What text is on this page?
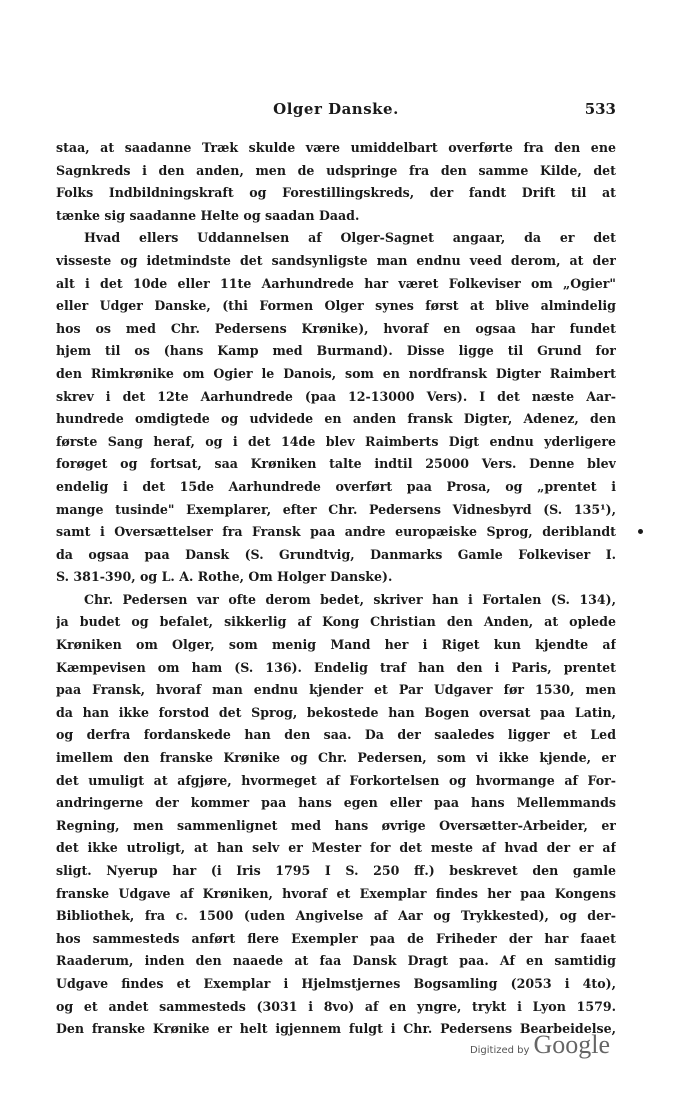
Olger Danske.	533
staa, at saadanne Træk skulde være umiddelbart overførte fra den ene
Sagnkreds i den anden, men de udspringe fra den samme Kilde, det
Folks Indbildningskraft og Forestillingskreds, der fandt Drift til at
tænke sig saadanne Helte og saadan Daad.
Hvad ellers Uddannelsen af Olger-Sagnet angaar, da er det
visseste og idetmindste det sandsynligste man endnu veed derom, at der
alt i det 10de eller 11te Aarhundrede har været Folkeviser om „Ogier"
eller Udger Danske, (thi Formen Olger synes først at blive almindelig
hos os med Chr. Pedersens Krønike), hvoraf en ogsaa har fundet
hjem til os (hans Kamp med Burmand). Disse ligge til Grund for
den Rimkrønike om Ogier le Danois, som en nordfransk Digter Raimbert
skrev i det 12te Aarhundrede (paa 12-13000 Vers). I det næste Aar-
hundrede omdigtede og udvidede en anden fransk Digter, Adenez, den
første Sang heraf, og i det 14de blev Raimberts Digt endnu yderligere
forøget og fortsat, saa Krøniken talte indtil 25000 Vers. Denne blev
endelig i det 15de Aarhundrede overført paa Prosa, og „prentet i
mange tusinde" Exemplarer, efter Chr. Pedersens Vidnesbyrd (S. 135¹),
samt i Oversættelser fra Fransk paa andre europæiske Sprog, deriblandt
da ogsaa paa Dansk (S. Grundtvig, Danmarks Gamle Folkeviser I.
S. 381-390, og L. A. Rothe, Om Holger Danske).
Chr. Pedersen var ofte derom bedet, skriver han i Fortalen (S. 134),
ja budet og befalet, sikkerlig af Kong Christian den Anden, at oplede
Krøniken om Olger, som menig Mand her i Riget kun kjendte af
Kæmpevisen om ham (S. 136). Endelig traf han den i Paris, prentet
paa Fransk, hvoraf man endnu kjender et Par Udgaver før 1530, men
da han ikke forstod det Sprog, bekostede han Bogen oversat paa Latin,
og derfra fordanskede han den saa. Da der saaledes ligger et Led
imellem den franske Krønike og Chr. Pedersen, som vi ikke kjende, er
det umuligt at afgjøre, hvormeget af Forkortelsen og hvormange af For-
andringerne der kommer paa hans egen eller paa hans Mellemmands
Regning, men sammenlignet med hans øvrige Oversætter-Arbeider, er
det ikke utroligt, at han selv er Mester for det meste af hvad der er af
sligt. Nyerup har (i Iris 1795 I S. 250 ff.) beskrevet den gamle
franske Udgave af Krøniken, hvoraf et Exemplar findes her paa Kongens
Bibliothek, fra c. 1500 (uden Angivelse af Aar og Trykkested), og der-
hos sammesteds anført flere Exempler paa de Friheder der har faaet
Raaderum, inden den naaede at faa Dansk Dragt paa. Af en samtidig
Udgave findes et Exemplar i Hjelmstjernes Bogsamling (2053 i 4to),
og et andet sammesteds (3031 i 8vo) af en yngre, trykt i Lyon 1579.
Den franske Krønike er helt igjennem fulgt i Chr. Pedersens Bearbeidelse,
Digitized by Google
